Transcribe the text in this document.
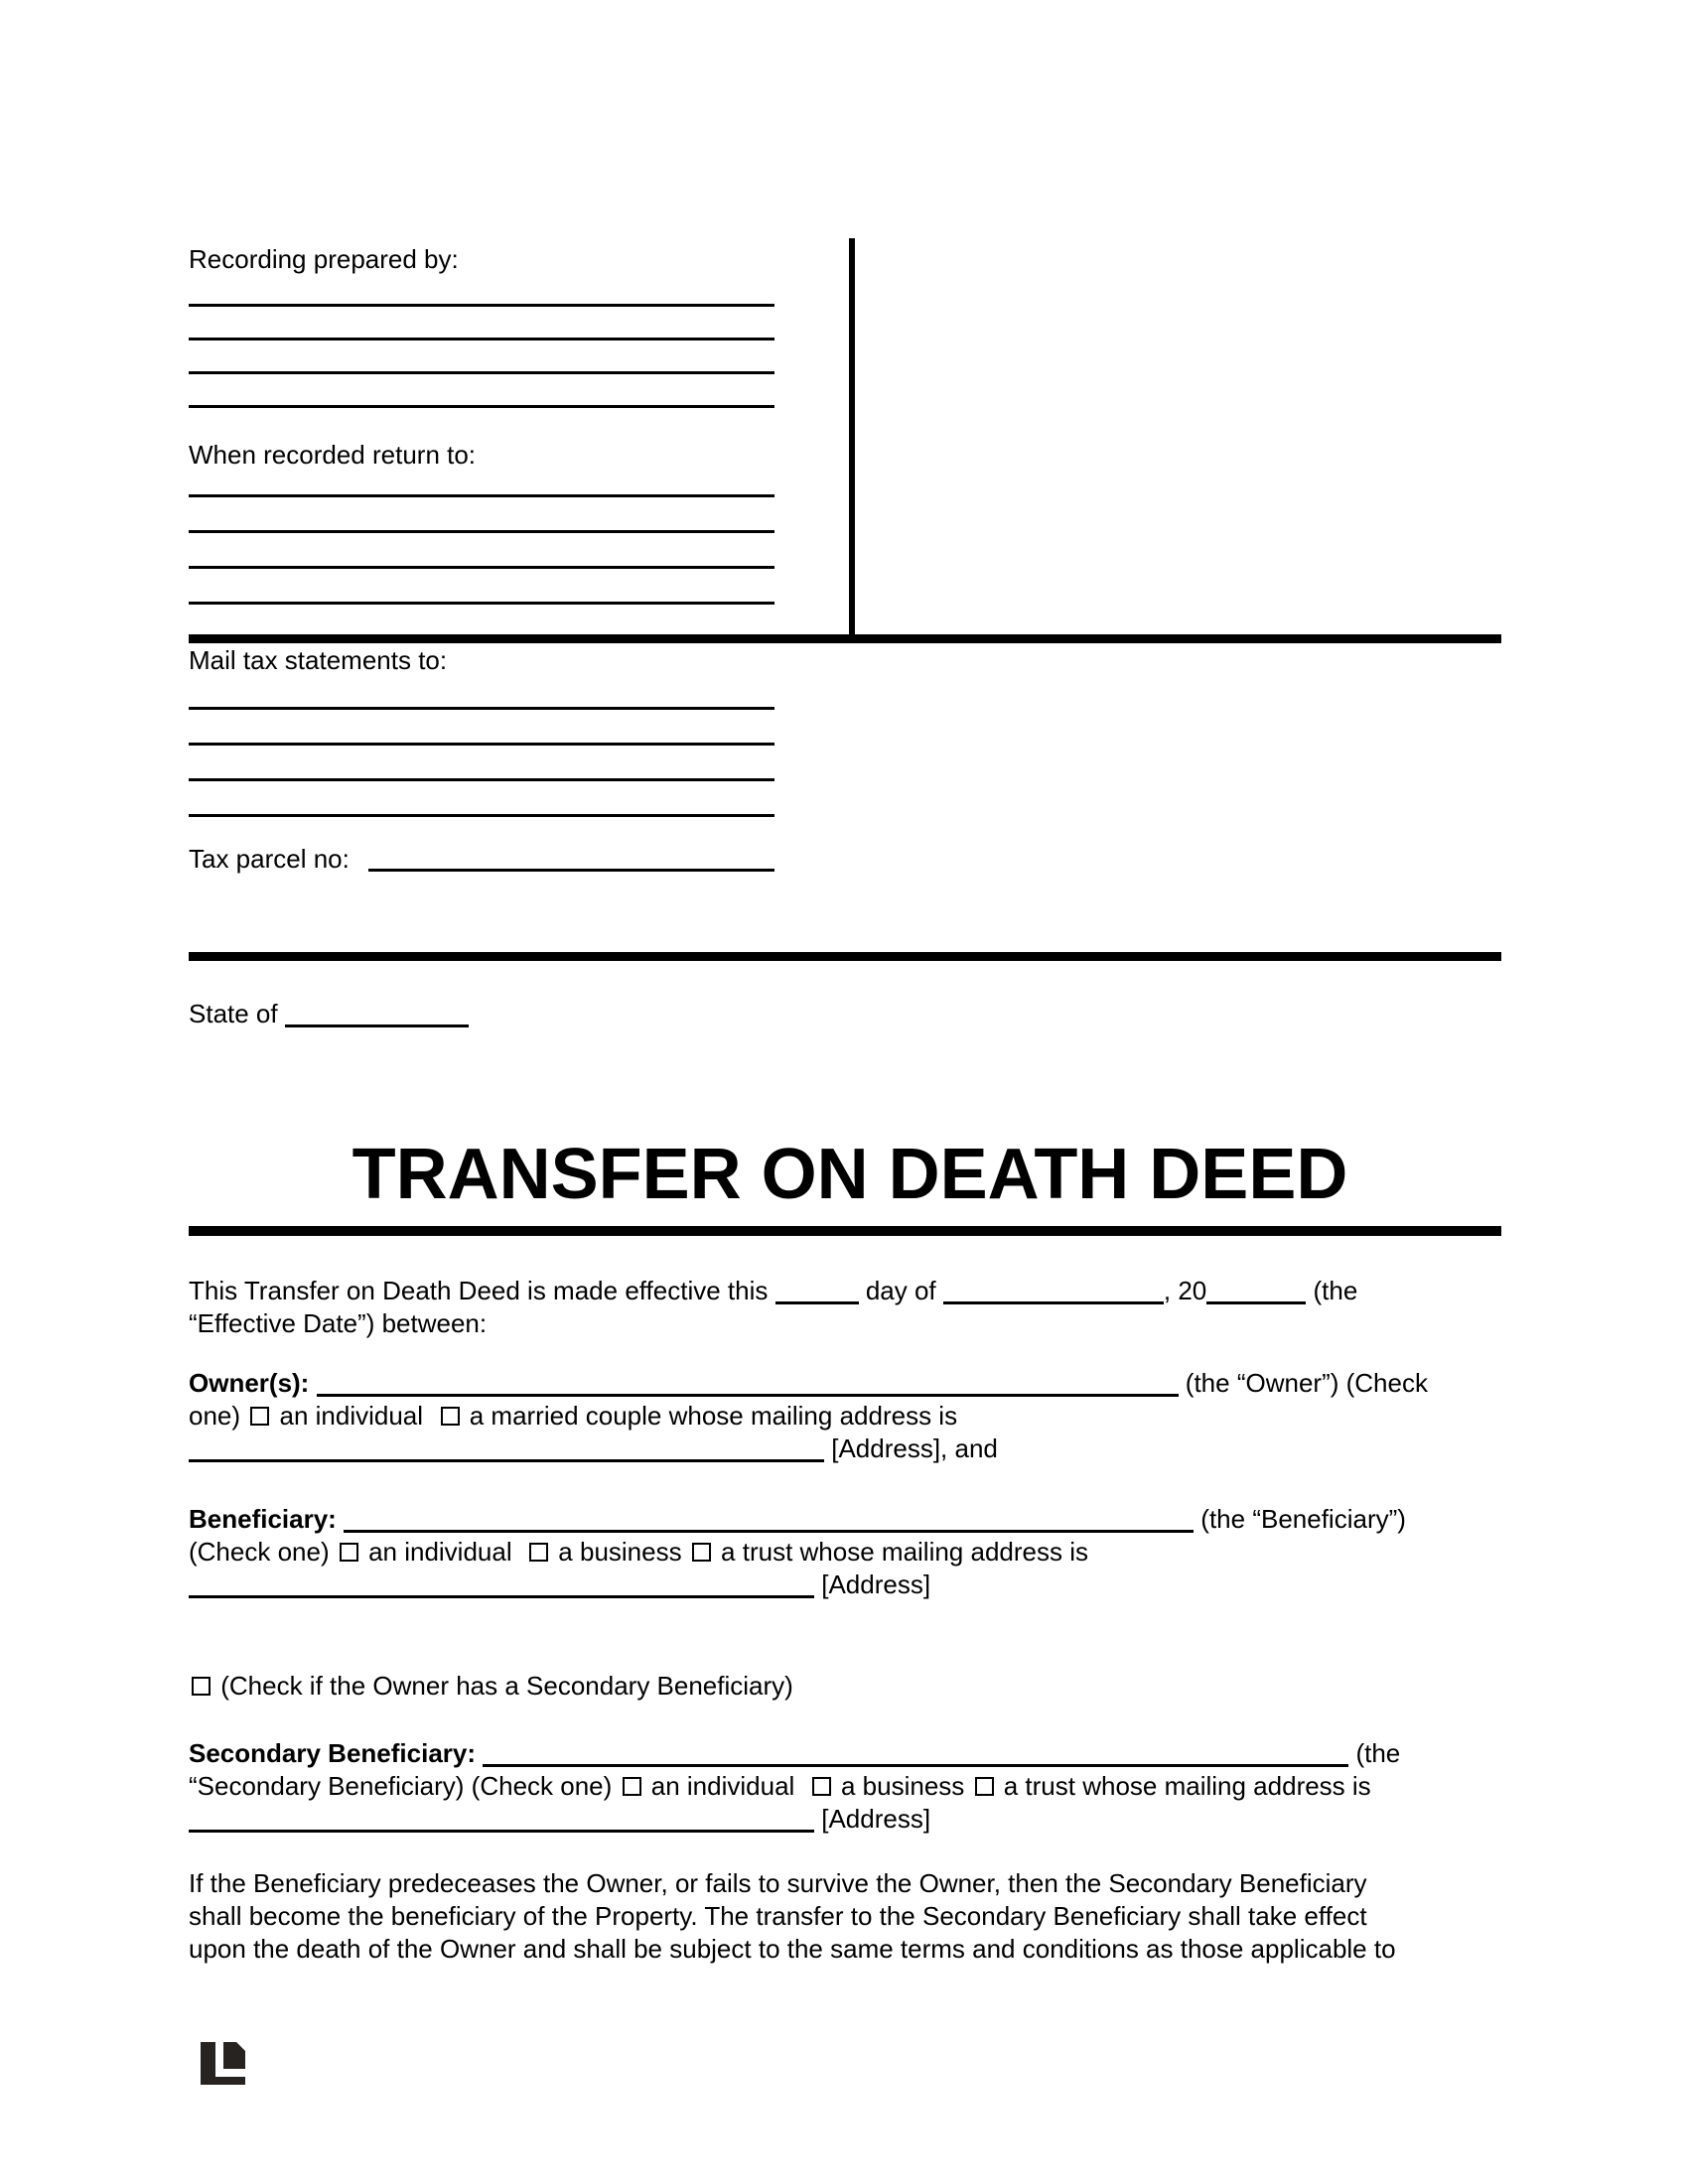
Recording prepared by:
When recorded return to:
Mail tax statements to:
Tax parcel no:
State of
TRANSFER ON DEATH DEED
This Transfer on Death Deed is made effective this	day of	, 20	(the
“Effective Date”) between:
Owner(s):	(the “Owner”) (Check
one)  an individual   a married couple whose mailing address is
[Address], and
Beneficiary:	(the “Beneficiary”)
(Check one)  an individual   a business  a trust whose mailing address is
[Address]
(Check if the Owner has a Secondary Beneficiary)
Secondary Beneficiary:	(the
“Secondary Beneficiary) (Check one)  an individual   a business  a trust whose mailing address is
[Address]
If the Beneficiary predeceases the Owner, or fails to survive the Owner, then the Secondary Beneficiary
shall become the beneficiary of the Property. The transfer to the Secondary Beneficiary shall take effect
upon the death of the Owner and shall be subject to the same terms and conditions as those applicable to
